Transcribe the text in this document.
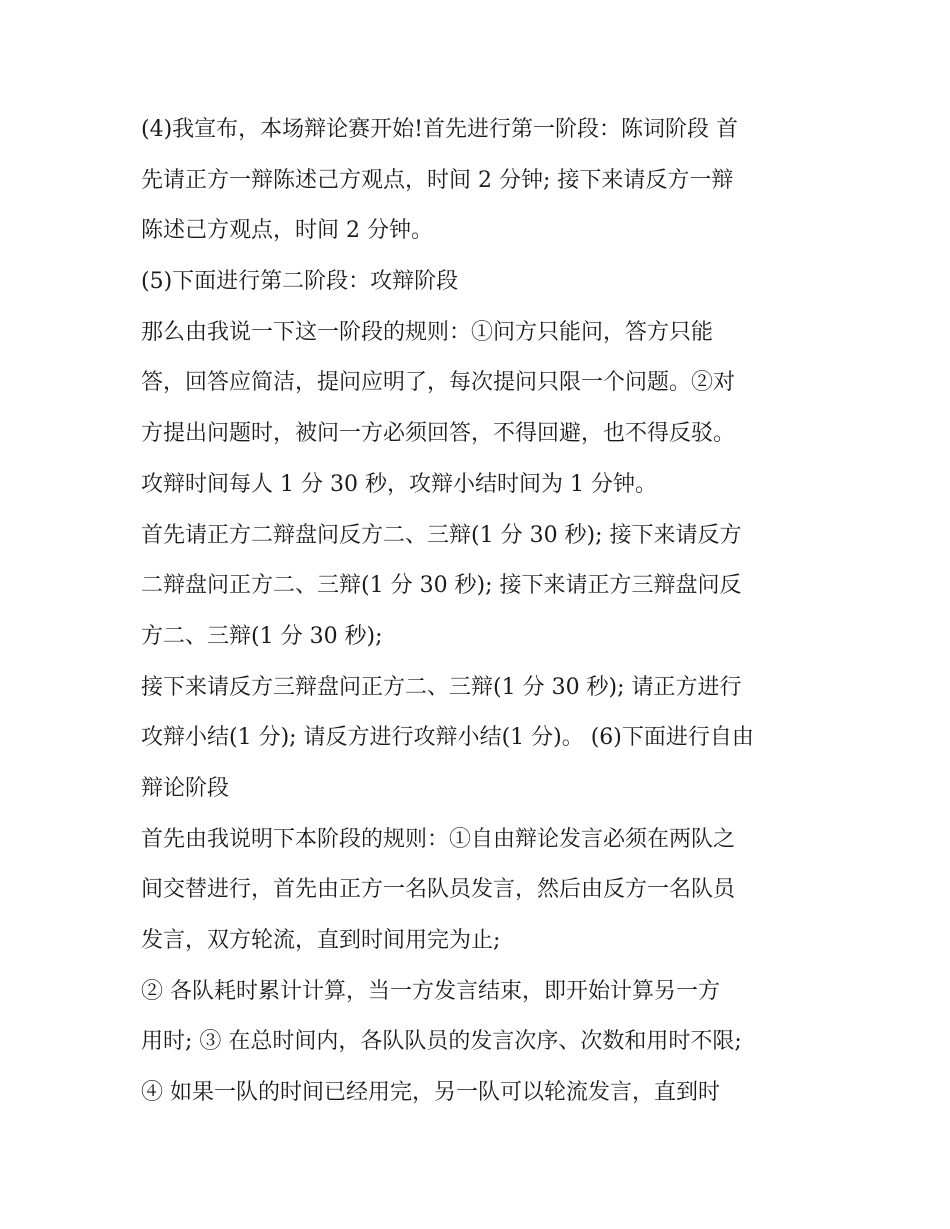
(4)我宣布，本场辩论赛开始!首先进行第一阶段：陈词阶段 首
先请正方一辩陈述己方观点，时间 2 分钟; 接下来请反方一辩
陈述己方观点，时间 2 分钟。
(5)下面进行第二阶段：攻辩阶段
那么由我说一下这一阶段的规则：①问方只能问，答方只能
答，回答应简洁，提问应明了，每次提问只限一个问题。②对
方提出问题时，被问一方必须回答，不得回避，也不得反驳。
攻辩时间每人 1 分 30 秒，攻辩小结时间为 1 分钟。
首先请正方二辩盘问反方二、三辩(1 分 30 秒); 接下来请反方
二辩盘问正方二、三辩(1 分 30 秒); 接下来请正方三辩盘问反
方二、三辩(1 分 30 秒);
接下来请反方三辩盘问正方二、三辩(1 分 30 秒); 请正方进行
攻辩小结(1 分); 请反方进行攻辩小结(1 分)。 (6)下面进行自由
辩论阶段
首先由我说明下本阶段的规则：①自由辩论发言必须在两队之
间交替进行，首先由正方一名队员发言，然后由反方一名队员
发言，双方轮流，直到时间用完为止;
② 各队耗时累计计算，当一方发言结束，即开始计算另一方
用时; ③ 在总时间内，各队队员的发言次序、次数和用时不限;
④ 如果一队的时间已经用完，另一队可以轮流发言，直到时
